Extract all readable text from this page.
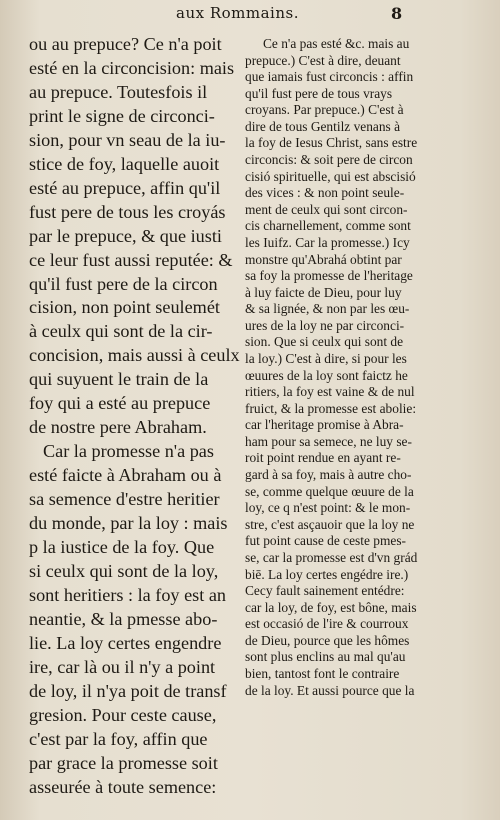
aux Rommains.	8
ou au prepuce? Ce n'a poit
esté en la circoncision: mais
au prepuce. Toutesfois il
print le signe de circonci-
sion, pour vn seau de la iu-
stice de foy, laquelle auoit
esté au prepuce, affin qu'il
fust pere de tous les croyás
par le prepuce, & que iusti
ce leur fust aussi reputée: &
qu'il fust pere de la circon
cision, non point seulemét
à ceulx qui sont de la cir-
concision, mais aussi à ceulx
qui suyuent le train de la
foy qui a esté au prepuce
de nostre pere Abraham.
Car la promesse n'a pas
esté faicte à Abraham ou à
sa semence d'estre heritier
du monde, par la loy : mais
p la iustice de la foy. Que
si ceulx qui sont de la loy,
sont heritiers : la foy est an
neantie, & la pmesse abo-
lie. La loy certes engendre
ire, car là ou il n'y a point
de loy, il n'ya poit de transf
gresion. Pour ceste cause,
c'est par la foy, affin que
par grace la promesse soit
asseurée à toute semence:
Ce n'a pas esté &c. mais au
prepuce.) C'est à dire, deuant
que iamais fust circoncis : affin
qu'il fust pere de tous vrays
croyans. Par prepuce.) C'est à
dire de tous Gentilz venans à
la foy de Iesus Christ, sans estre
circoncis: & soit pere de circon
cisió spirituelle, qui est abscisió
des vices : & non point seule-
ment de ceulx qui sont circon-
cis charnellement, comme sont
les Iuifz. Car la promesse.) Icy
monstre qu'Abrahá obtint par
sa foy la promesse de l'heritage
à luy faicte de Dieu, pour luy
& sa lignée, & non par les œu-
ures de la loy ne par circonci-
sion. Que si ceulx qui sont de
la loy.) C'est à dire, si pour les
œuures de la loy sont faictz he
ritiers, la foy est vaine & de nul
fruict, & la promesse est abolie:
car l'heritage promise à Abra-
ham pour sa semece, ne luy se-
roit point rendue en ayant re-
gard à sa foy, mais à autre cho-
se, comme quelque œuure de la
loy, ce q n'est point: & le mon-
stre, c'est asçauoir que la loy ne
fut point cause de ceste pmes-
se, car la promesse est d'vn grád
biē. La loy certes engédre ire.)
Cecy fault sainement entédre:
car la loy, de foy, est bône, mais
est occasió de l'ire & courroux
de Dieu, pource que les hômes
sont plus enclins au mal qu'au
bien, tantost font le contraire
de la loy. Et aussi pource que la
